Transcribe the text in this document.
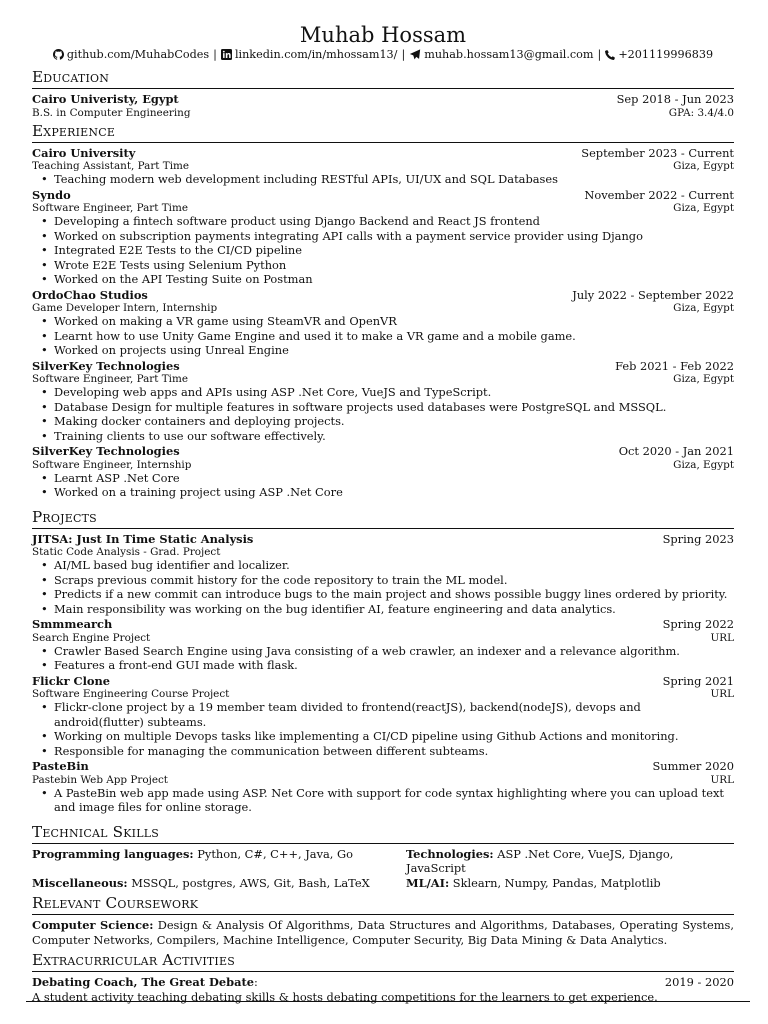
Muhab Hossam
github.com/MuhabCodes | linkedin.com/in/mhossam13/ | muhab.hossam13@gmail.com | +201119996839
Education
Cairo Univeristy, Egypt	Sep 2018 - Jun 2023
B.S. in Computer Engineering	GPA: 3.4/4.0
Experience
Cairo University	September 2023 - Current
Teaching Assistant, Part Time	Giza, Egypt
• Teaching modern web development including RESTful APIs, UI/UX and SQL Databases
Syndo	November 2022 - Current
Software Engineer, Part Time	Giza, Egypt
• Developing a fintech software product using Django Backend and React JS frontend
• Worked on subscription payments integrating API calls with a payment service provider using Django
• Integrated E2E Tests to the CI/CD pipeline
• Wrote E2E Tests using Selenium Python
• Worked on the API Testing Suite on Postman
OrdoChao Studios	July 2022 - September 2022
Game Developer Intern, Internship	Giza, Egypt
• Worked on making a VR game using SteamVR and OpenVR
• Learnt how to use Unity Game Engine and used it to make a VR game and a mobile game.
• Worked on projects using Unreal Engine
SilverKey Technologies	Feb 2021 - Feb 2022
Software Engineer, Part Time	Giza, Egypt
• Developing web apps and APIs using ASP .Net Core, VueJS and TypeScript.
• Database Design for multiple features in software projects used databases were PostgreSQL and MSSQL.
• Making docker containers and deploying projects.
• Training clients to use our software effectively.
SilverKey Technologies	Oct 2020 - Jan 2021
Software Engineer, Internship	Giza, Egypt
• Learnt ASP .Net Core
• Worked on a training project using ASP .Net Core
Projects
JITSA: Just In Time Static Analysis	Spring 2023
Static Code Analysis - Grad. Project
• AI/ML based bug identifier and localizer.
• Scraps previous commit history for the code repository to train the ML model.
• Predicts if a new commit can introduce bugs to the main project and shows possible buggy lines ordered by priority.
• Main responsibility was working on the bug identifier AI, feature engineering and data analytics.
Smmmearch	Spring 2022
Search Engine Project	URL
• Crawler Based Search Engine using Java consisting of a web crawler, an indexer and a relevance algorithm.
• Features a front-end GUI made with flask.
Flickr Clone	Spring 2021
Software Engineering Course Project	URL
• Flickr-clone project by a 19 member team divided to frontend(reactJS), backend(nodeJS), devops and android(flutter) subteams.
• Working on multiple Devops tasks like implementing a CI/CD pipeline using Github Actions and monitoring.
• Responsible for managing the communication between different subteams.
PasteBin	Summer 2020
Pastebin Web App Project	URL
• A PasteBin web app made using ASP. Net Core with support for code syntax highlighting where you can upload text and image files for online storage.
Technical Skills
Programming languages: Python, C#, C++, Java, Go	Technologies: ASP .Net Core, VueJS, Django, JavaScript
Miscellaneous: MSSQL, postgres, AWS, Git, Bash, LaTeX	ML/AI: Sklearn, Numpy, Pandas, Matplotlib
Relevant Coursework
Computer Science: Design & Analysis Of Algorithms, Data Structures and Algorithms, Databases, Operating Systems, Computer Networks, Compilers, Machine Intelligence, Computer Security, Big Data Mining & Data Analytics.
Extracurricular Activities
Debating Coach, The Great Debate:	2019 - 2020
A student activity teaching debating skills & hosts debating competitions for the learners to get experience.
